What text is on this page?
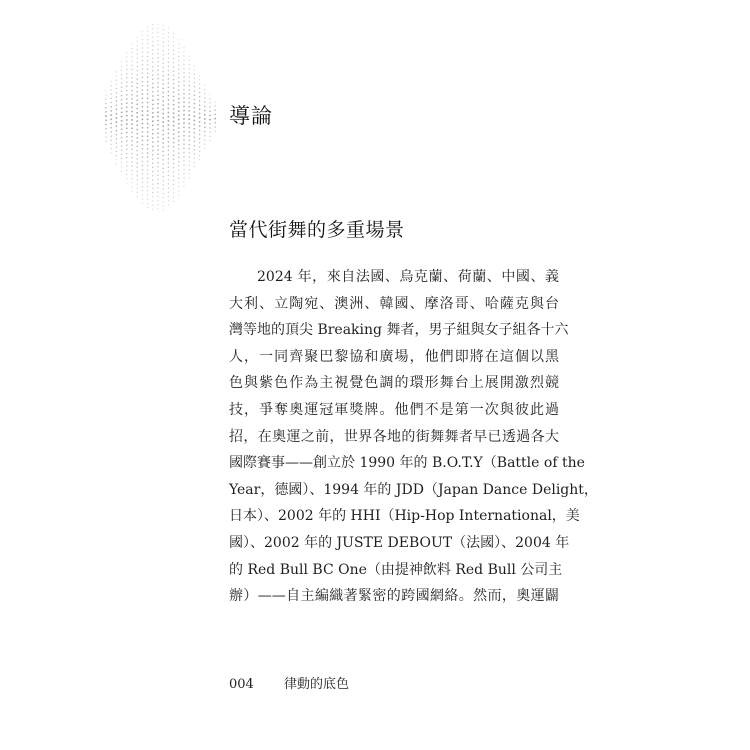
導論
當代街舞的多重場景
2024 年，來自法國、烏克蘭、荷蘭、中國、義
大利、立陶宛、澳洲、韓國、摩洛哥、哈薩克與台
灣等地的頂尖 Breaking 舞者，男子組與女子組各十六
人，一同齊聚巴黎協和廣場，他們即將在這個以黑
色與紫色作為主視覺色調的環形舞台上展開激烈競
技，爭奪奧運冠軍獎牌。他們不是第一次與彼此過
招，在奧運之前，世界各地的街舞舞者早已透過各大
國際賽事——創立於 1990 年的 B.O.T.Y（Battle of the
Year，德國）、1994 年的 JDD（Japan Dance Delight，
日本）、2002 年的 HHI（Hip-Hop International，美
國）、2002 年的 JUSTE DEBOUT（法國）、2004 年
的 Red Bull BC One（由提神飲料 Red Bull 公司主
辦）——自主編織著緊密的跨國網絡。然而，奧運闢
004 律動的底色
